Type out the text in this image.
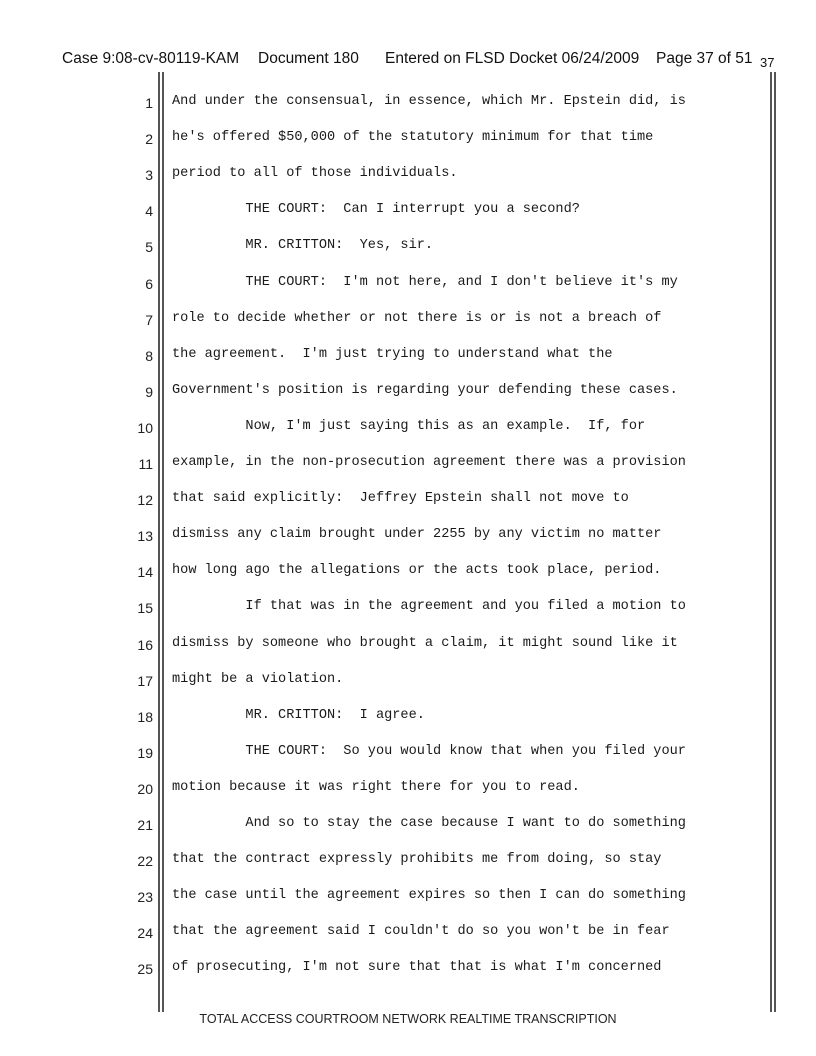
Case 9:08-cv-80119-KAM Document 180 Entered on FLSD Docket 06/24/2009 Page 37 of 51 37
1 And under the consensual, in essence, which Mr. Epstein did, is
2 he's offered $50,000 of the statutory minimum for that time
3 period to all of those individuals.
4 THE COURT:  Can I interrupt you a second?
5 MR. CRITTON:  Yes, sir.
6 THE COURT:  I'm not here, and I don't believe it's my
7 role to decide whether or not there is or is not a breach of
8 the agreement.  I'm just trying to understand what the
9 Government's position is regarding your defending these cases.
10 Now, I'm just saying this as an example.  If, for
11 example, in the non-prosecution agreement there was a provision
12 that said explicitly:  Jeffrey Epstein shall not move to
13 dismiss any claim brought under 2255 by any victim no matter
14 how long ago the allegations or the acts took place, period.
15 If that was in the agreement and you filed a motion to
16 dismiss by someone who brought a claim, it might sound like it
17 might be a violation.
18 MR. CRITTON:  I agree.
19 THE COURT:  So you would know that when you filed your
20 motion because it was right there for you to read.
21 And so to stay the case because I want to do something
22 that the contract expressly prohibits me from doing, so stay
23 the case until the agreement expires so then I can do something
24 that the agreement said I couldn't do so you won't be in fear
25 of prosecuting, I'm not sure that that is what I'm concerned
TOTAL ACCESS COURTROOM NETWORK REALTIME TRANSCRIPTION
